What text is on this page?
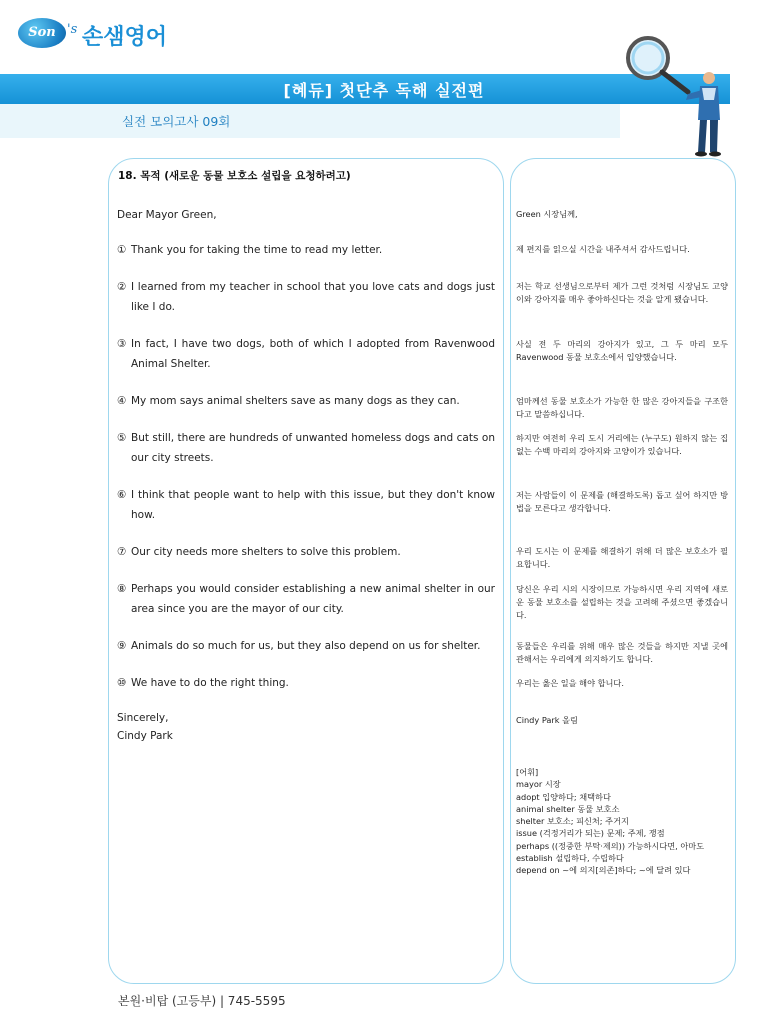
Son 's 손샘영어
[혜듀] 첫단추 독해 실전편
실전 모의고사 09회
18. 목적 (새로운 동물 보호소 설립을 요청하려고)
Dear Mayor Green,
① Thank you for taking the time to read my letter.
② I learned from my teacher in school that you love cats and dogs just like I do.
③ In fact, I have two dogs, both of which I adopted from Ravenwood Animal Shelter.
④ My mom says animal shelters save as many dogs as they can.
⑤ But still, there are hundreds of unwanted homeless dogs and cats on our city streets.
⑥ I think that people want to help with this issue, but they don't know how.
⑦ Our city needs more shelters to solve this problem.
⑧ Perhaps you would consider establishing a new animal shelter in our area since you are the mayor of our city.
⑨ Animals do so much for us, but they also depend on us for shelter.
⑩ We have to do the right thing.
Sincerely,
Cindy Park
Green 시장님께,
제 편지를 읽으실 시간을 내주셔서 감사드립니다.
저는 학교 선생님으로부터 제가 그런 것처럼 시장님도 고양이와 강아지를 매우 좋아하신다는 것을 알게 됐습니다.
사실 전 두 마리의 강아지가 있고, 그 두 마리 모두 Ravenwood 동물 보호소에서 입양했습니다.
엄마께선 동물 보호소가 가능한 한 많은 강아지들을 구조한다고 말씀하십니다.
하지만 여전히 우리 도시 거리에는 (누구도) 원하지 않는 집 없는 수백 마리의 강아지와 고양이가 있습니다.
저는 사람들이 이 문제를 (해결하도록) 돕고 싶어 하지만 방법을 모른다고 생각합니다.
우리 도시는 이 문제를 해결하기 위해 더 많은 보호소가 필요합니다.
당신은 우리 시의 시장이므로 가능하시면 우리 지역에 새로운 동물 보호소를 설립하는 것을 고려해 주셨으면 좋겠습니다.
동물들은 우리를 위해 매우 많은 것들을 하지만 지낼 곳에 관해서는 우리에게 의지하기도 합니다.
우리는 옳은 일을 해야 합니다.
Cindy Park 올림
[어휘]
mayor 시장
adopt 입양하다; 채택하다
animal shelter 동물 보호소
shelter 보호소; 피신처; 주거지
issue (걱정거리가 되는) 문제; 주제, 쟁점
perhaps ((정중한 부탁·제의)) 가능하시다면, 아마도
establish 설립하다, 수립하다
depend on ~에 의지[의존]하다; ~에 달려 있다
본원·비탑 (고등부) | 745-5595
